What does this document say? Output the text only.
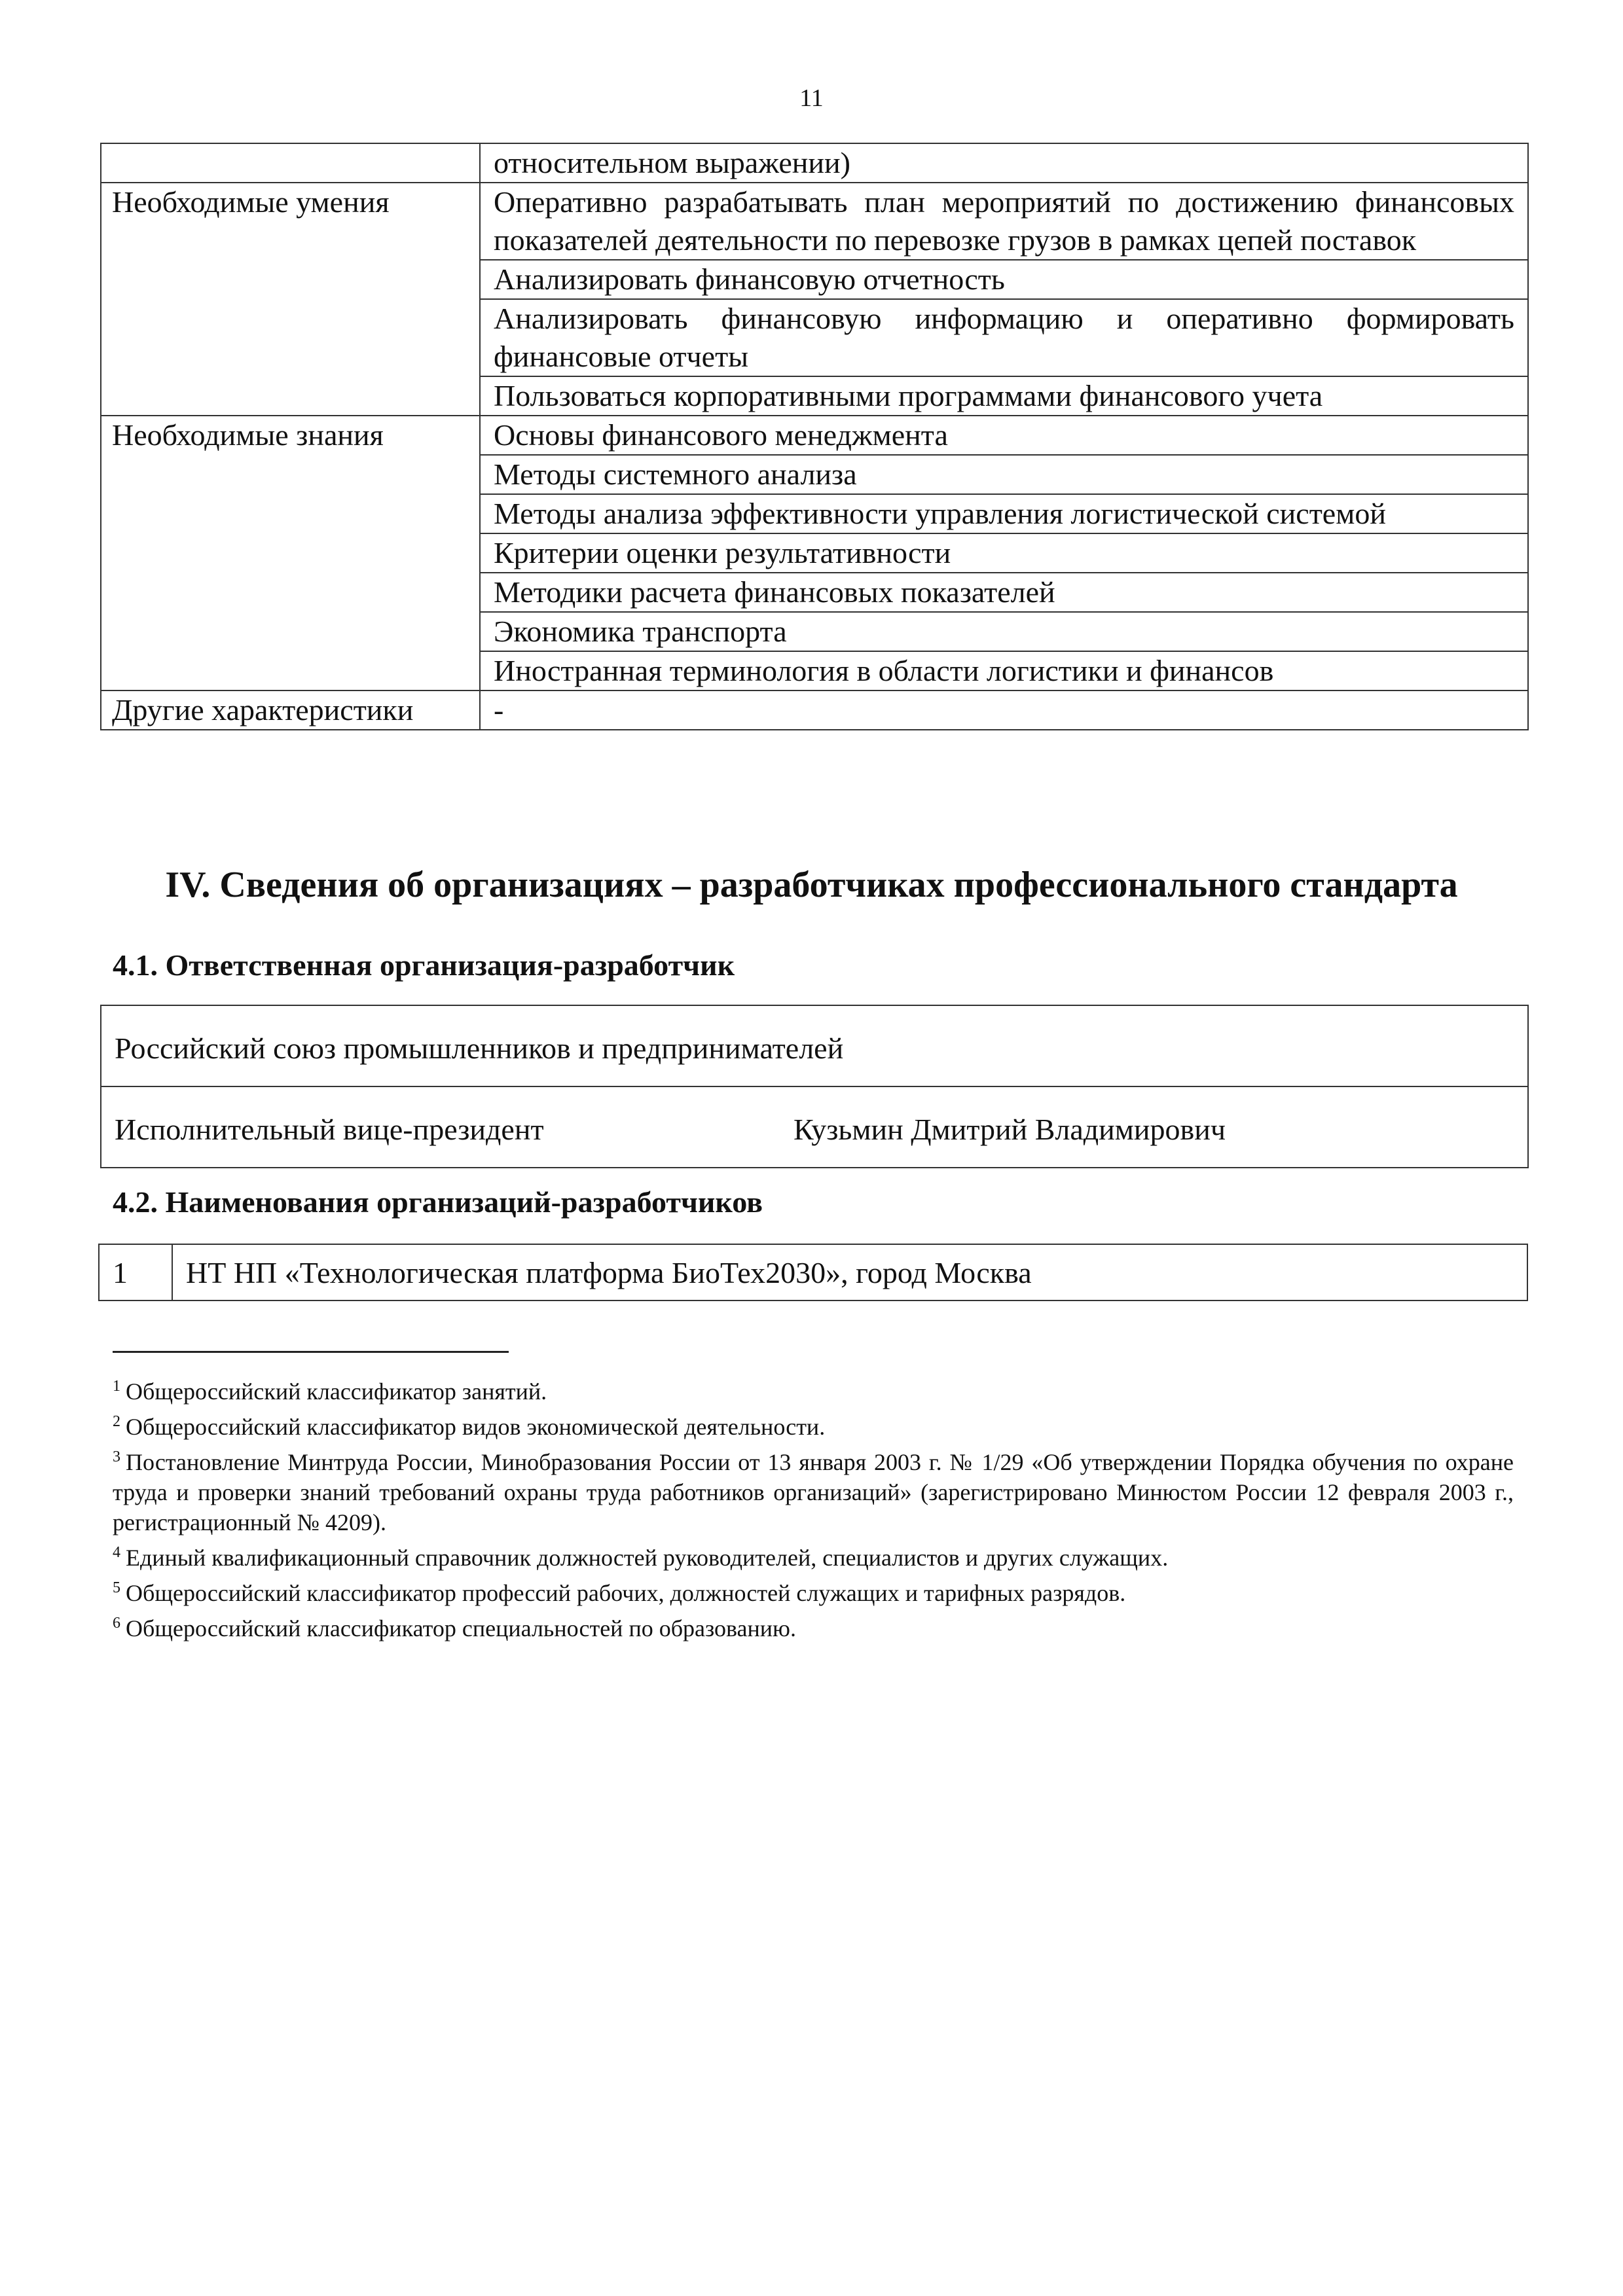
11
	относительном выражении)
Необходимые умения	Оперативно разрабатывать план мероприятий по достижению финансовых показателей деятельности по перевозке грузов в рамках цепей поставок
	Анализировать финансовую отчетность
	Анализировать финансовую информацию и оперативно формировать финансовые отчеты
	Пользоваться корпоративными программами финансового учета
Необходимые знания	Основы финансового менеджмента
	Методы системного анализа
	Методы анализа эффективности управления логистической системой
	Критерии оценки результативности
	Методики расчета финансовых показателей
	Экономика транспорта
	Иностранная терминология в области логистики и финансов
Другие характеристики	-
IV. Сведения об организациях – разработчиках профессионального стандарта
4.1. Ответственная организация-разработчик
Российский союз промышленников и предпринимателей
Исполнительный вице-президент	Кузьмин Дмитрий Владимирович
4.2. Наименования организаций-разработчиков
1	НТ НП «Технологическая платформа БиоТех2030», город Москва

$^1$ Общероссийский классификатор занятий.

$^2$ Общероссийский классификатор видов экономической деятельности.

$^3$ Постановление Минтруда России, Минобразования России от 13 января 2003 г. № 1/29 «Об утверждении Порядка обучения по охране труда и проверки знаний требований охраны труда работников организаций» (зарегистрировано Минюстом России 12 февраля 2003 г., регистрационный № 4209).

$^4$ Единый квалификационный справочник должностей руководителей, специалистов и других служащих.

$^5$ Общероссийский классификатор профессий рабочих, должностей служащих и тарифных разрядов.

$^6$ Общероссийский классификатор специальностей по образованию.
